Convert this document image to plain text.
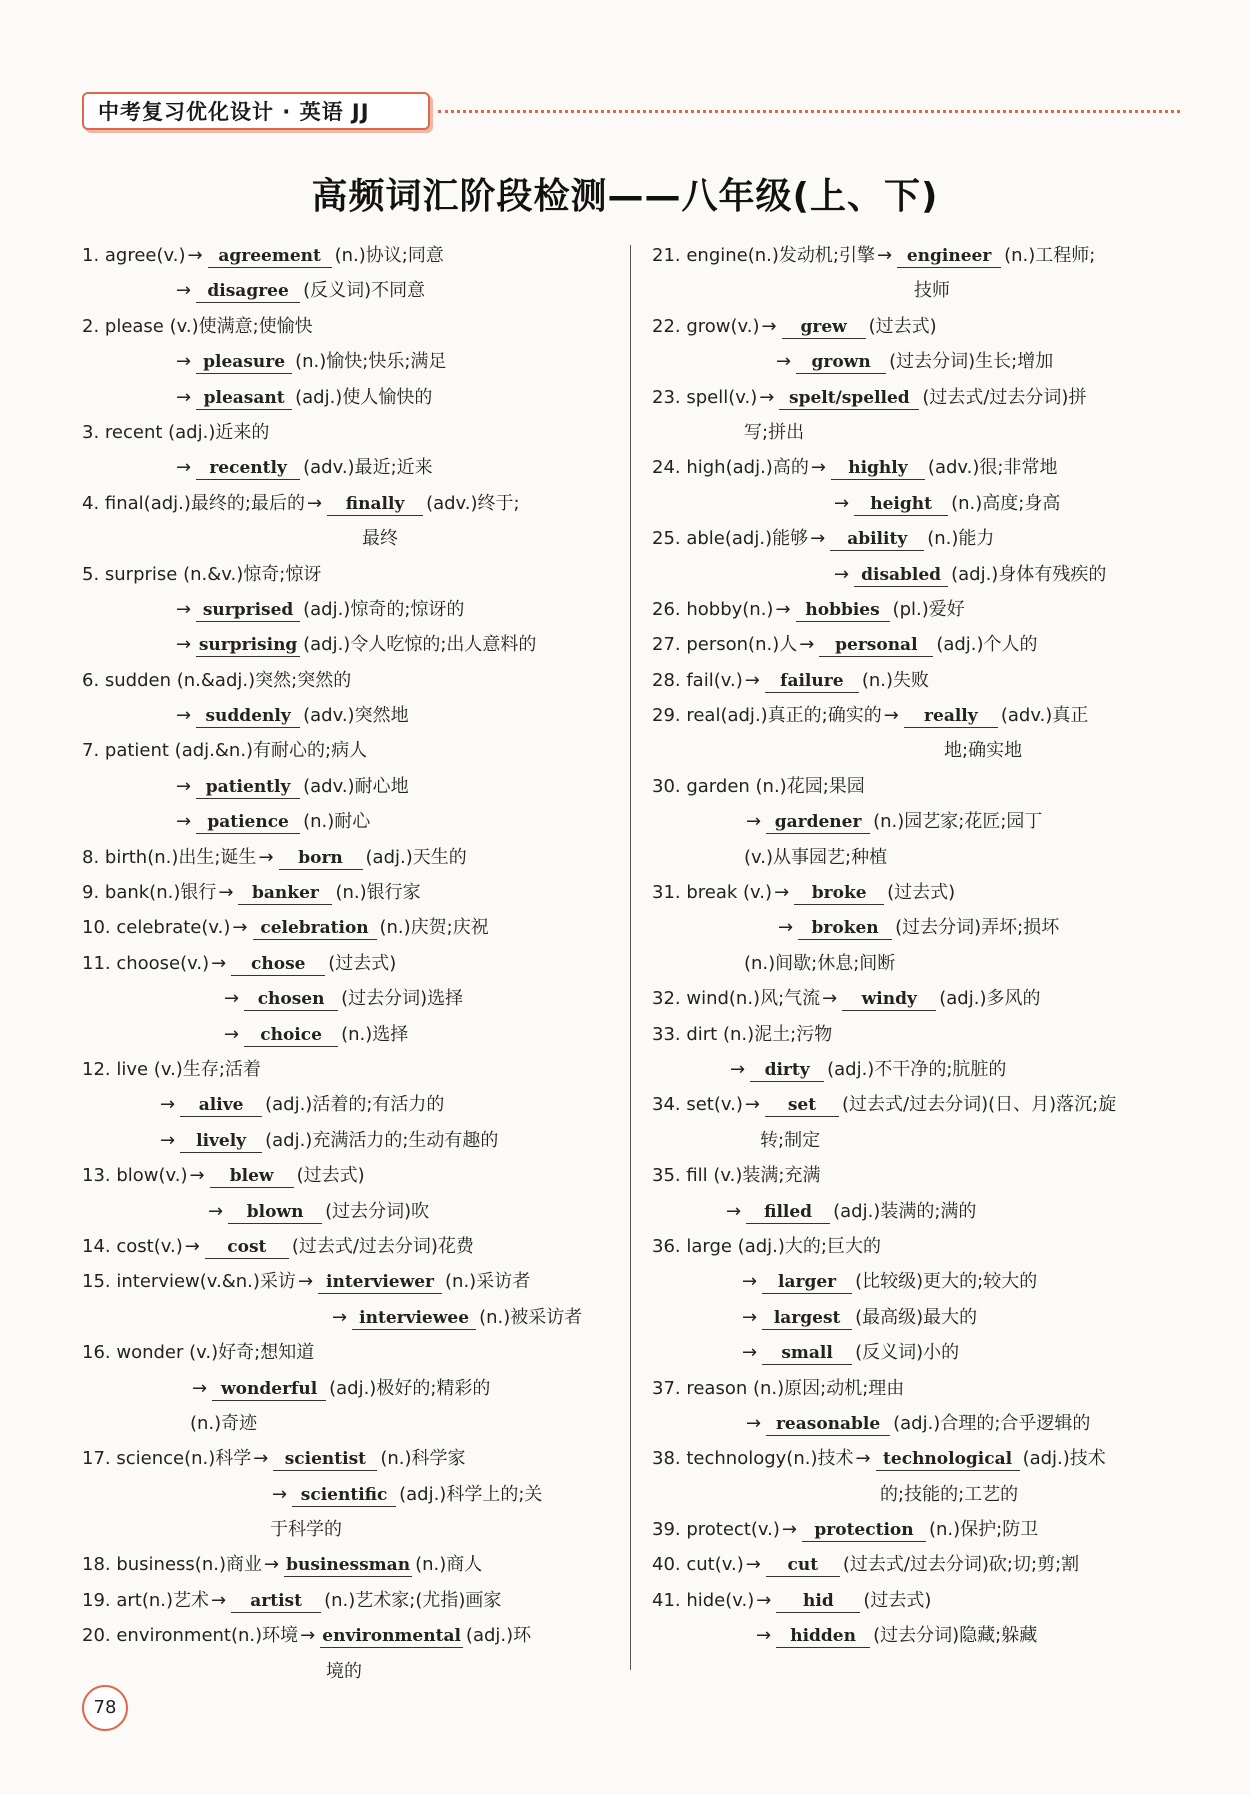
中考复习优化设计 · 英语 JJ
高频词汇阶段检测——八年级(上、下)
1. agree(v.) → agreement (n.)协议;同意
→ disagree (反义词)不同意
2. please (v.)使满意;使愉快
→ pleasure (n.)愉快;快乐;满足
→ pleasant (adj.)使人愉快的
3. recent (adj.)近来的
→ recently (adv.)最近;近来
4. final(adj.)最终的;最后的 → finally (adv.)终于;
最终
5. surprise (n.&v.)惊奇;惊讶
→ surprised (adj.)惊奇的;惊讶的
→ surprising (adj.)令人吃惊的;出人意料的
6. sudden (n.&adj.)突然;突然的
→ suddenly (adv.)突然地
7. patient (adj.&n.)有耐心的;病人
→ patiently (adv.)耐心地
→ patience (n.)耐心
8. birth(n.)出生;诞生 → born (adj.)天生的
9. bank(n.)银行 → banker (n.)银行家
10. celebrate(v.) → celebration (n.)庆贺;庆祝
11. choose(v.) → chose (过去式)
→ chosen (过去分词)选择
→ choice (n.)选择
12. live (v.)生存;活着
→ alive (adj.)活着的;有活力的
→ lively (adj.)充满活力的;生动有趣的
13. blow(v.) → blew (过去式)
→ blown (过去分词)吹
14. cost(v.) → cost (过去式/过去分词)花费
15. interview(v.&n.)采访 → interviewer (n.)采访者
→ interviewee (n.)被采访者
16. wonder (v.)好奇;想知道
→ wonderful (adj.)极好的;精彩的
(n.)奇迹
17. science(n.)科学 → scientist (n.)科学家
→ scientific (adj.)科学上的;关
于科学的
18. business(n.)商业 → businessman (n.)商人
19. art(n.)艺术 → artist (n.)艺术家;(尤指)画家
20. environment(n.)环境 → environmental (adj.)环
境的
21. engine(n.)发动机;引擎 → engineer (n.)工程师;
技师
22. grow(v.) → grew (过去式)
→ grown (过去分词)生长;增加
23. spell(v.) → spelt/spelled (过去式/过去分词)拼
写;拼出
24. high(adj.)高的 → highly (adv.)很;非常地
→ height (n.)高度;身高
25. able(adj.)能够 → ability (n.)能力
→ disabled (adj.)身体有残疾的
26. hobby(n.) → hobbies (pl.)爱好
27. person(n.)人 → personal (adj.)个人的
28. fail(v.) → failure (n.)失败
29. real(adj.)真正的;确实的 → really (adv.)真正
地;确实地
30. garden (n.)花园;果园
→ gardener (n.)园艺家;花匠;园丁
(v.)从事园艺;种植
31. break (v.) → broke (过去式)
→ broken (过去分词)弄坏;损坏
(n.)间歇;休息;间断
32. wind(n.)风;气流 → windy (adj.)多风的
33. dirt (n.)泥土;污物
→ dirty (adj.)不干净的;肮脏的
34. set(v.) → set (过去式/过去分词)(日、月)落沉;旋
转;制定
35. fill (v.)装满;充满
→ filled (adj.)装满的;满的
36. large (adj.)大的;巨大的
→ larger (比较级)更大的;较大的
→ largest (最高级)最大的
→ small (反义词)小的
37. reason (n.)原因;动机;理由
→ reasonable (adj.)合理的;合乎逻辑的
38. technology(n.)技术 → technological (adj.)技术
的;技能的;工艺的
39. protect(v.) → protection (n.)保护;防卫
40. cut(v.) → cut (过去式/过去分词)砍;切;剪;割
41. hide(v.) → hid (过去式)
→ hidden (过去分词)隐藏;躲藏
78
